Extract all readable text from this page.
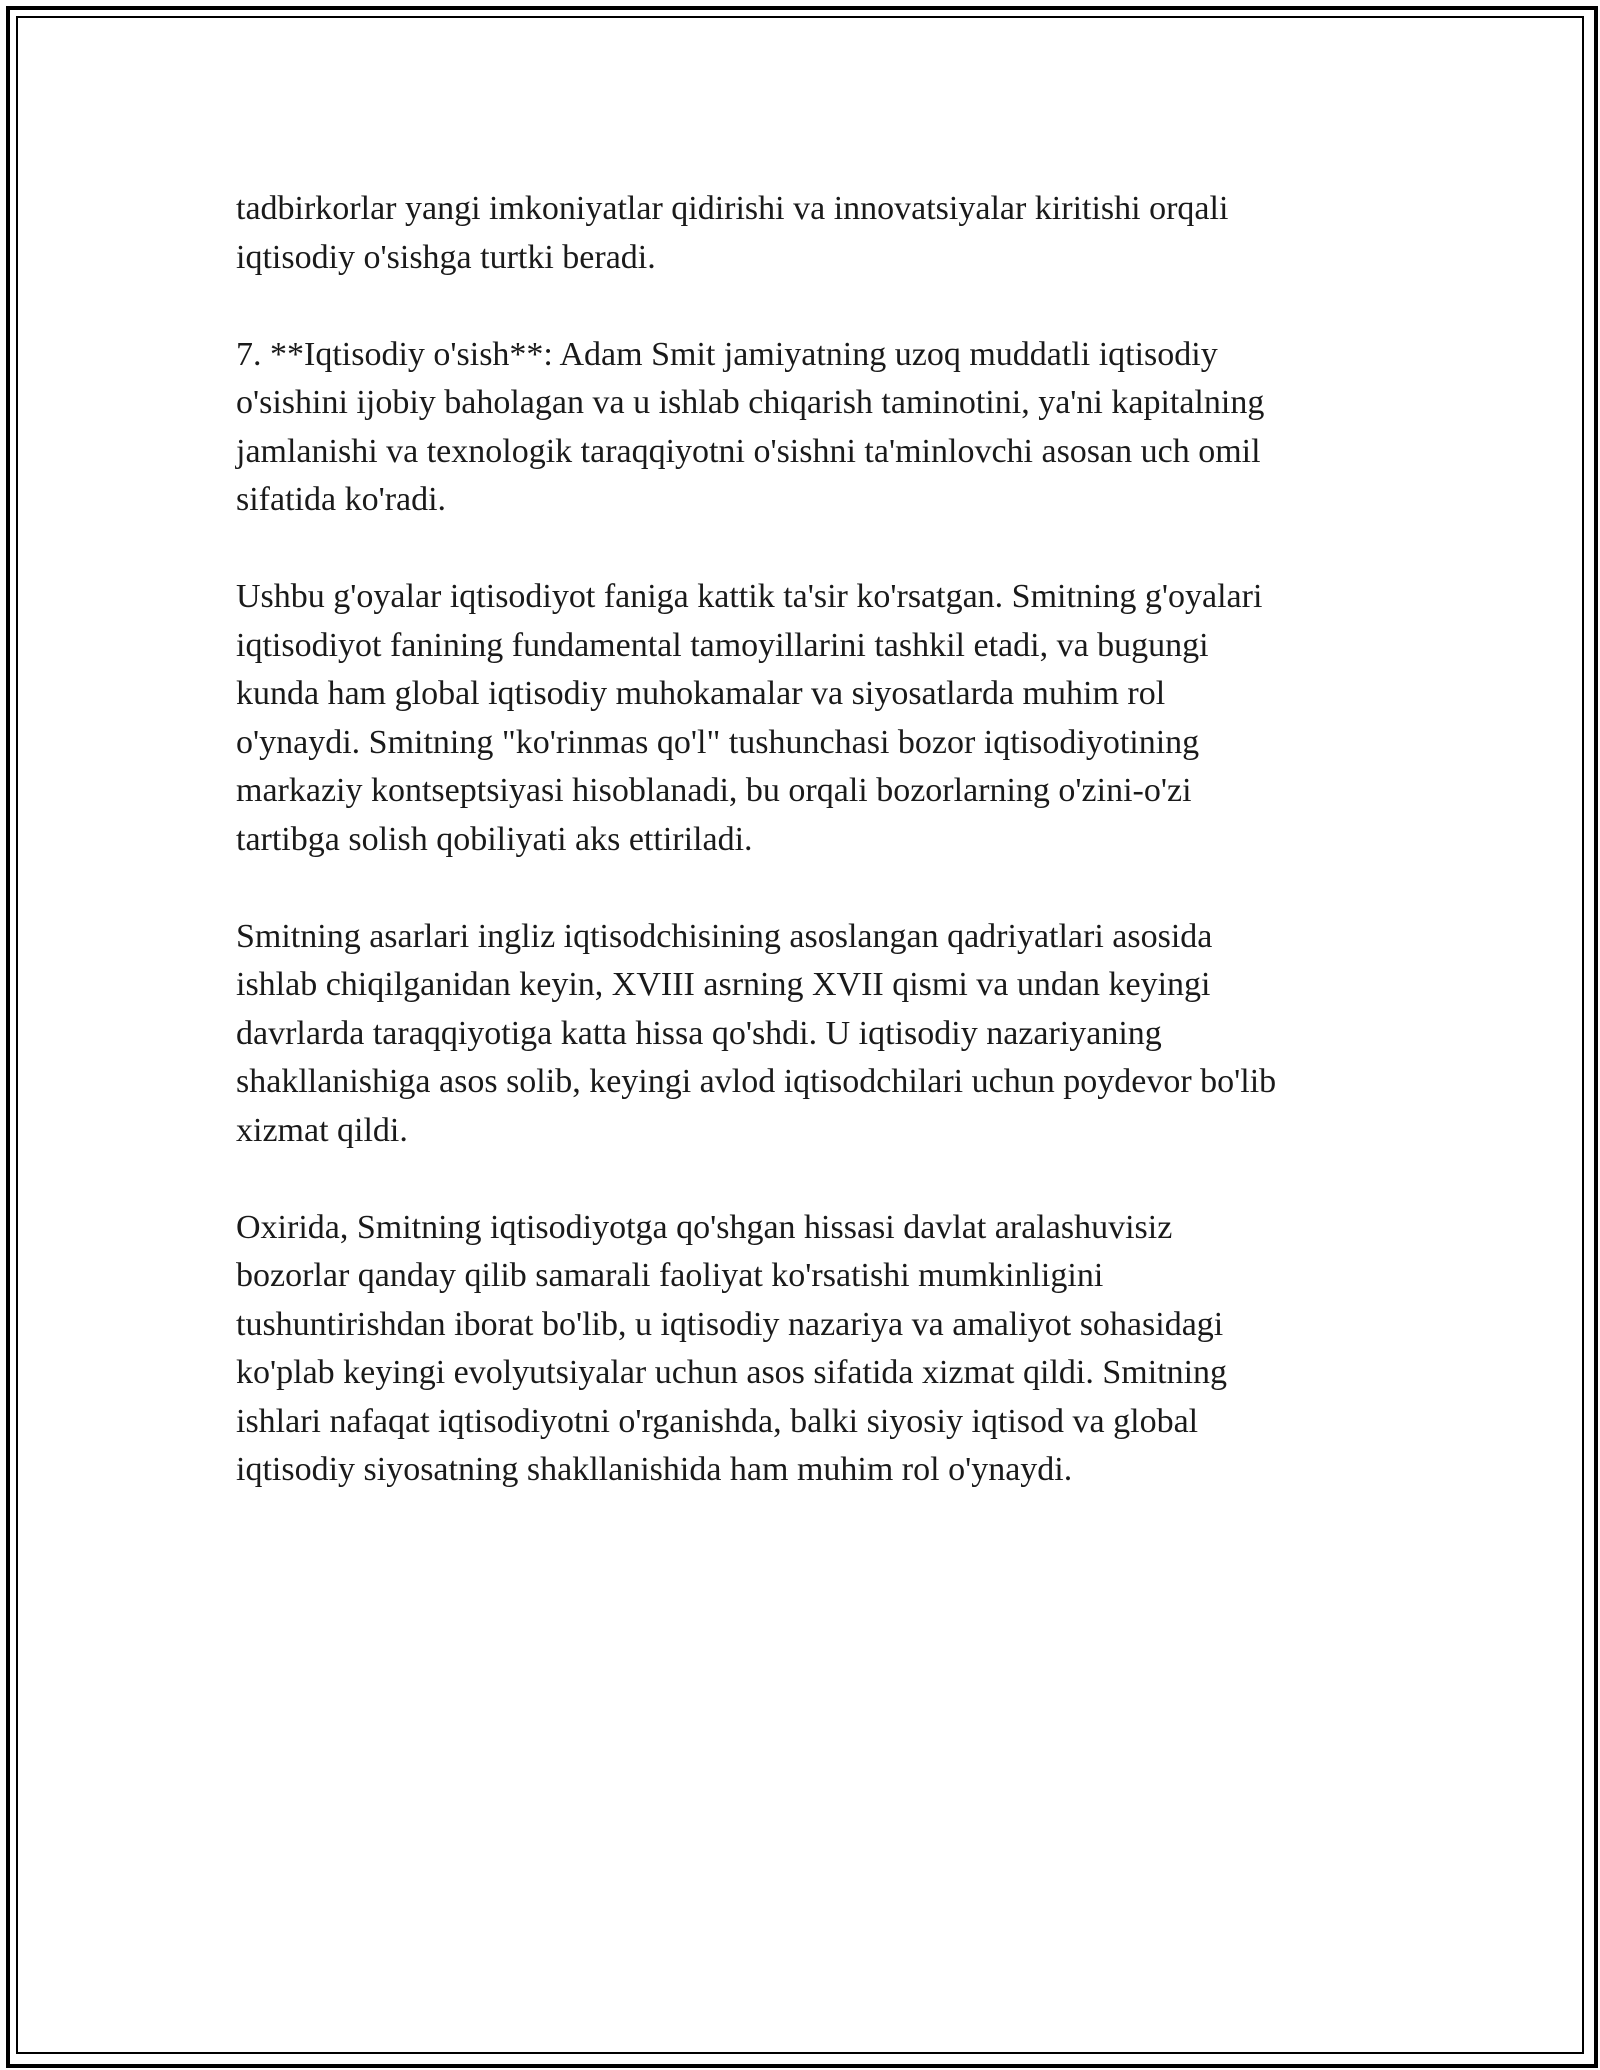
tadbirkorlar yangi imkoniyatlar qidirishi va innovatsiyalar kiritishi orqali
iqtisodiy o'sishga turtki beradi.

7. **Iqtisodiy o'sish**: Adam Smit jamiyatning uzoq muddatli iqtisodiy
o'sishini ijobiy baholagan va u ishlab chiqarish taminotini, ya'ni kapitalning
jamlanishi va texnologik taraqqiyotni o'sishni ta'minlovchi asosan uch omil
sifatida ko'radi.

Ushbu g'oyalar iqtisodiyot faniga kattik ta'sir ko'rsatgan. Smitning g'oyalari
iqtisodiyot fanining fundamental tamoyillarini tashkil etadi, va bugungi
kunda ham global iqtisodiy muhokamalar va siyosatlarda muhim rol
o'ynaydi. Smitning "ko'rinmas qo'l" tushunchasi bozor iqtisodiyotining
markaziy kontseptsiyasi hisoblanadi, bu orqali bozorlarning o'zini-o'zi
tartibga solish qobiliyati aks ettiriladi.

Smitning asarlari ingliz iqtisodchisining asoslangan qadriyatlari asosida
ishlab chiqilganidan keyin, XVIII asrning XVII qismi va undan keyingi
davrlarda taraqqiyotiga katta hissa qo'shdi. U iqtisodiy nazariyaning
shakllanishiga asos solib, keyingi avlod iqtisodchilari uchun poydevor bo'lib
xizmat qildi.

Oxirida, Smitning iqtisodiyotga qo'shgan hissasi davlat aralashuvisiz
bozorlar qanday qilib samarali faoliyat ko'rsatishi mumkinligini
tushuntirishdan iborat bo'lib, u iqtisodiy nazariya va amaliyot sohasidagi
ko'plab keyingi evolyutsiyalar uchun asos sifatida xizmat qildi. Smitning
ishlari nafaqat iqtisodiyotni o'rganishda, balki siyosiy iqtisod va global
iqtisodiy siyosatning shakllanishida ham muhim rol o'ynaydi.
